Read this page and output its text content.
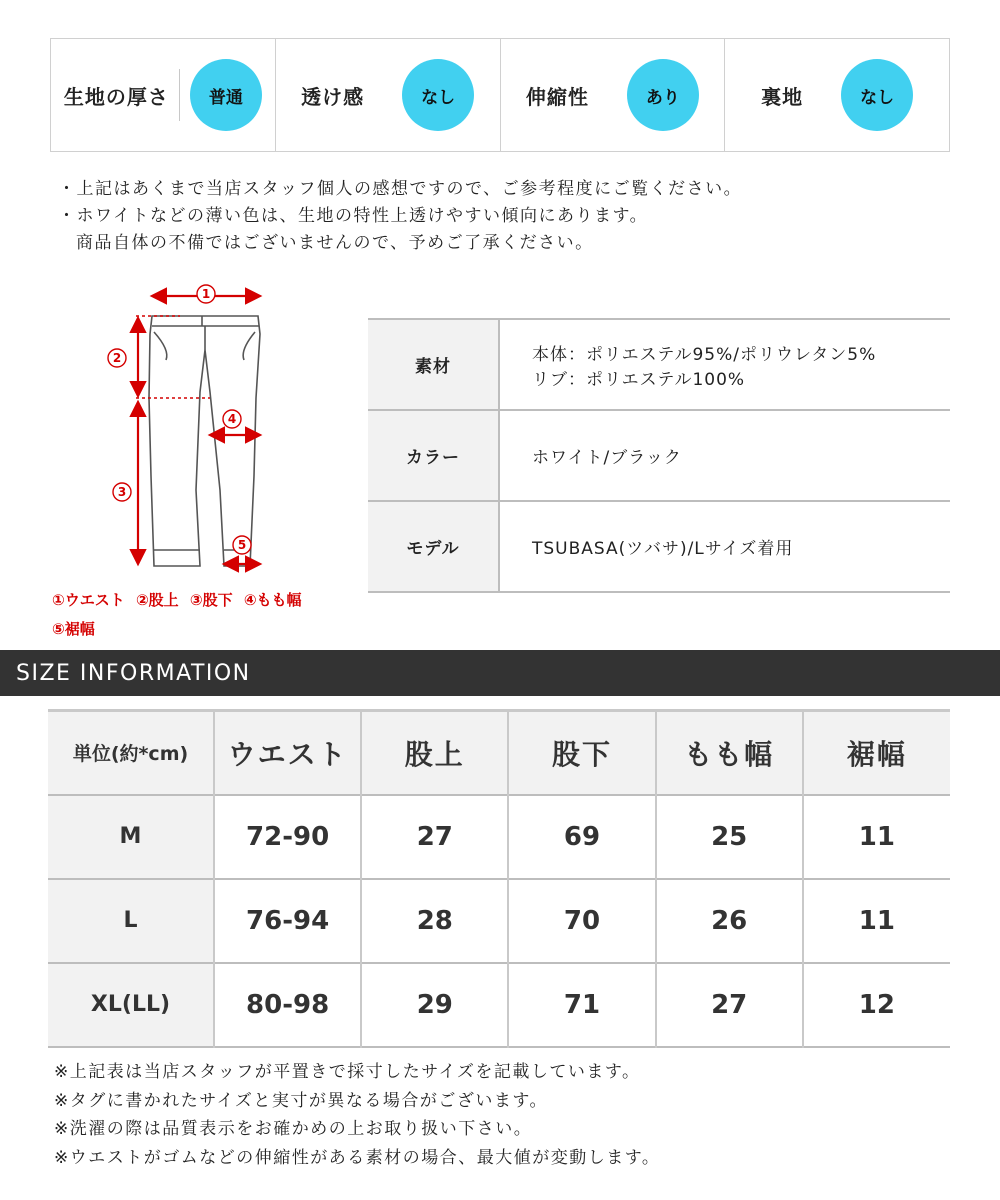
生地の厚さ	普通	透け感	なし	伸縮性	あり	裏地	なし
・上記はあくまで当店スタッフ個人の感想ですので、ご参考程度にご覧ください。
・ホワイトなどの薄い色は、生地の特性上透けやすい傾向にあります。
商品自体の不備ではございませんので、予めご了承ください。
1
2
3
4
5
①ウエスト ②股上 ③股下 ④もも幅
⑤裾幅
素材	本体：ポリエステル95%/ポリウレタン5%
リブ：ポリエステル100%

カラー	ホワイト/ブラック
モデル	TSUBASA(ツバサ)/Lサイズ着用
SIZE INFORMATION
単位(約*cm)	ウエスト	股上	股下	もも幅	裾幅
M	72-90	27	69	25	11
L	76-94	28	70	26	11
XL(LL)	80-98	29	71	27	12
※上記表は当店スタッフが平置きで採寸したサイズを記載しています。
※タグに書かれたサイズと実寸が異なる場合がございます。
※洗濯の際は品質表示をお確かめの上お取り扱い下さい。
※ウエストがゴムなどの伸縮性がある素材の場合、最大値が変動します。
